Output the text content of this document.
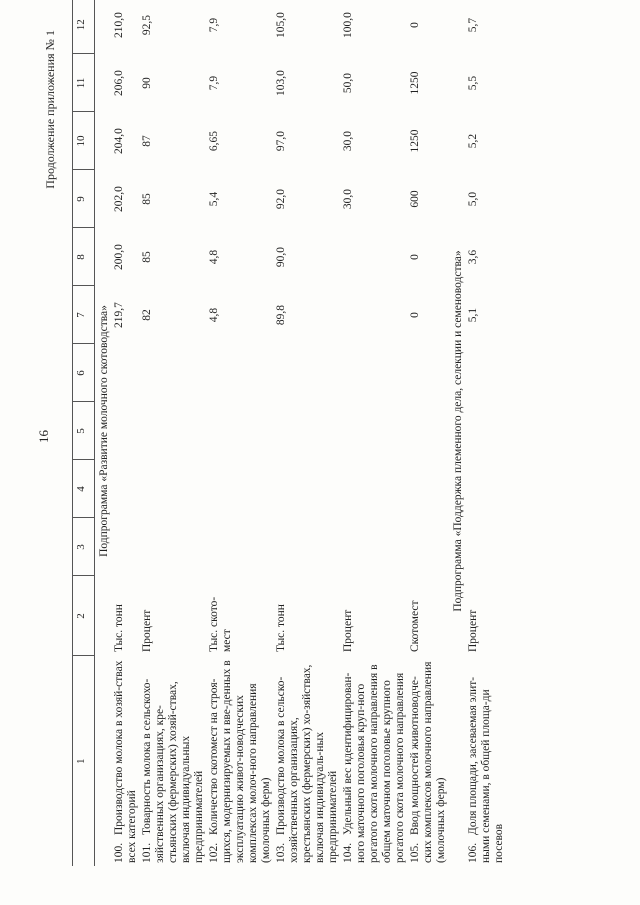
16
Продолжение приложения № 1
1	2	3	4	5	6	7	8	9	10	11	12
Подпрограмма «Развитие молочного скотоводства»											
100.Производство молока в хозяй-ствах всех категорий	Тыс. тонн					219,7	200,0	202,0	204,0	206,0	210,0
101.Товарность молока в сельскохо-зяйственных организациях, кре-стьянских (фермерских) хозяй-ствах, включая индивидуальных предпринимателей	Процент					82	85	85	87	90	92,5
102.Количество скотомест на строя-щихся, модернизируемых и вве-денных в эксплуатацию живот-новодческих комплексах молоч-ного направления (молочных ферм)	Тыс. ското-мест					4,8	4,8	5,4	6,65	7,9	7,9
103.Производство молока в сельско-хозяйственных организациях, крестьянских (фермерских) хо-зяйствах, включая индивидуаль-ных предпринимателей	Тыс. тонн					89,8	90,0	92,0	97,0	103,0	105,0
104.Удельный вес идентифицирован-ного маточного поголовья круп-ного рогатого скота молочного направления в общем маточном поголовье крупного рогатого скота молочного направления	Процент							30,0	30,0	50,0	100,0
105.Ввод мощностей животноводче-ских комплексов молочного направления (молочных ферм)	Скотомест					0	0	600	1250	1250	0
Подпрограмма «Поддержка племенного дела, селекции и семеноводства»											
106.Доля площади, засеваемая элит-ными семенами, в общей площа-ди посевов	Процент					5,1	3,6	5,0	5,2	5,5	5,7
